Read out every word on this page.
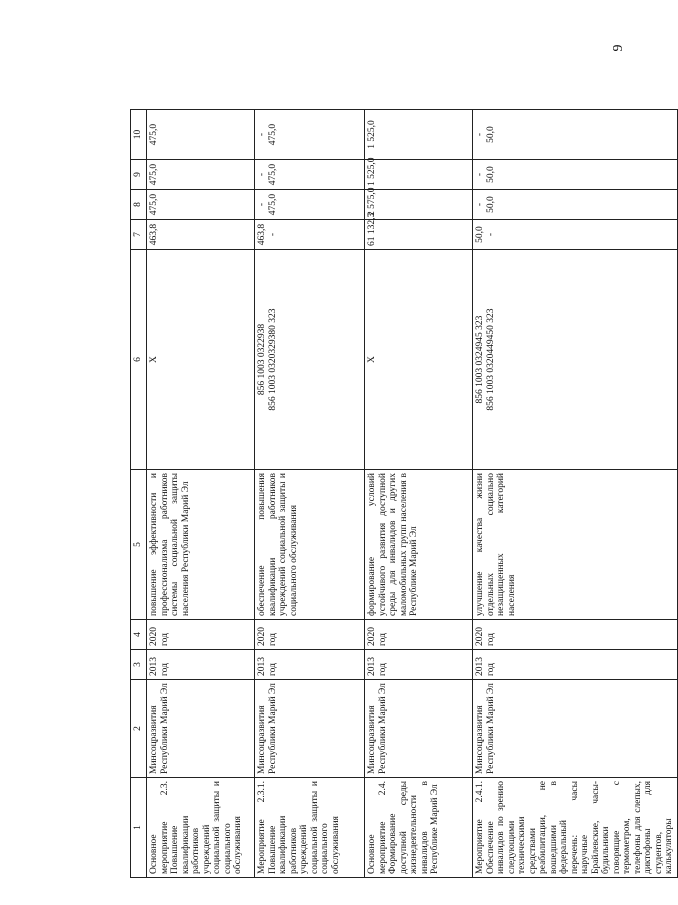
9
1	2	3	4	5	6	7	8	9	10
Основное мероприятие 2.3. Повышение квалификации работников учреждений социальной защиты и социального обслуживания	Минсоцразвития Республики Марий Эл	2013 год	2020 год	повышение эффективности и профессионализма работников системы социальной защиты населения Республики Марий Эл	X	463,8	475,0	475,0	475,0

Мероприятие 2.3.1. Повышение квалификации работников учреждений социальной защиты и социального обслуживания	Минсоцразвития Республики Марий Эл	2013 год	2020 год	обеспечение повышения квалификации работников учреждений социальной защиты и социального обслуживания	856 1003 0322938 856 1003 0320329380 323	463,8 -	- 475,0	- 475,0	- 475,0

Основное мероприятие 2.4. Формирование доступной среды жизнедеятельности инвалидов в Республике Марий Эл	Минсоцразвития Республики Марий Эл	2013 год	2020 год	формирование условий устойчивого развития доступной среды для инвалидов и других маломобильных групп населения в Республике Марий Эл	X	61 132,3	2 575,0	1 525,0	1 525,0

Мероприятие 2.4.1. Обеспечение инвалидов по зрению следующими техническими средствами реабилитации, не вошедшими в федеральный перечень: часы наручные Брайлевские, часы-будильники говорящие с термометром, телефоны для слепых, диктофоны для студентов, калькуляторы	Минсоцразвития Республики Марий Эл	2013 год	2020 год	улучшение качества жизни отдельных социально незащищенных категорий населения	856 1003 0324945 323 856 1003 0320449450 323	50,0 -	- 50,0	- 50,0	- 50,0
